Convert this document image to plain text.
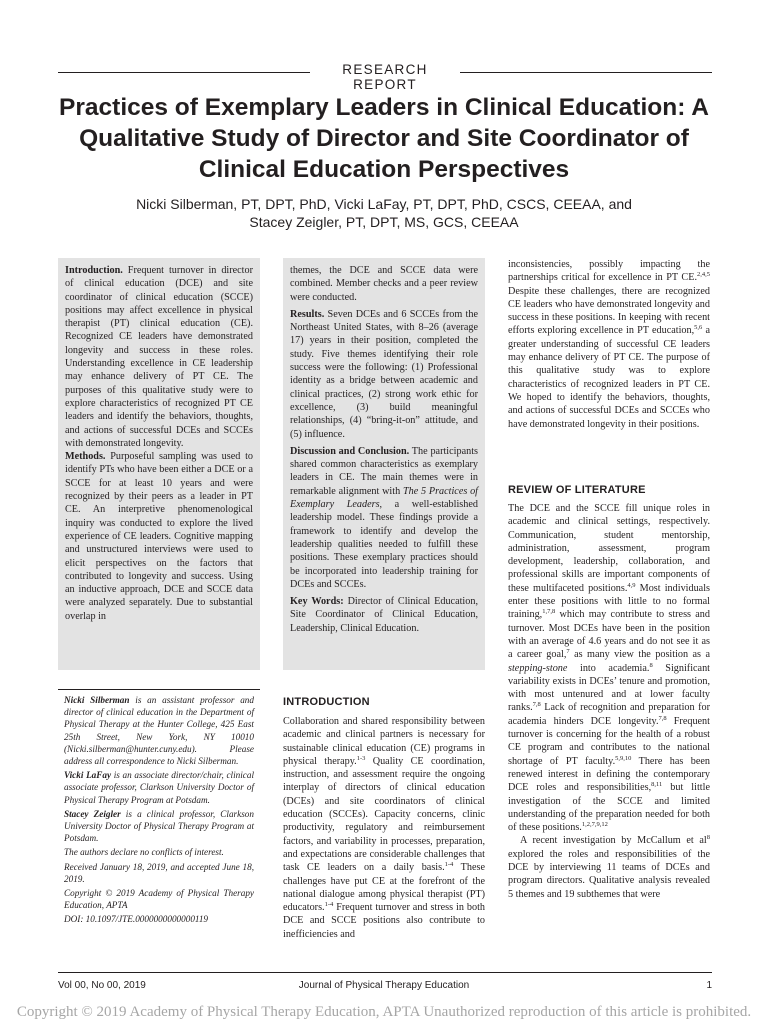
RESEARCH REPORT
Practices of Exemplary Leaders in Clinical Education: A Qualitative Study of Director and Site Coordinator of Clinical Education Perspectives
Nicki Silberman, PT, DPT, PhD, Vicki LaFay, PT, DPT, PhD, CSCS, CEEAA, and
Stacey Zeigler, PT, DPT, MS, GCS, CEEAA

Introduction. Frequent turnover in director of clinical education (DCE) and site coordinator of clinical education (SCCE) positions may affect excellence in physical therapist (PT) clinical education (CE). Recognized CE leaders have demonstrated longevity and success in these roles. Understanding excellence in CE leadership may enhance delivery of PT CE. The purposes of this qualitative study were to explore characteristics of recognized PT CE leaders and identify the behaviors, thoughts, and actions of successful DCEs and SCCEs with demonstrated longevity.

Methods. Purposeful sampling was used to identify PTs who have been either a DCE or a SCCE for at least 10 years and were recognized by their peers as a leader in PT CE. An interpretive phenomenological inquiry was conducted to explore the lived experience of CE leaders. Cognitive mapping and unstructured interviews were used to elicit perspectives on the factors that contributed to longevity and success. Using an inductive approach, DCE and SCCE data were analyzed separately. Due to substantial overlap in

themes, the DCE and SCCE data were combined. Member checks and a peer review were conducted.

Results. Seven DCEs and 6 SCCEs from the Northeast United States, with 8–26 (average 17) years in their position, completed the study. Five themes identifying their role success were the following: (1) Professional identity as a bridge between academic and clinical practices, (2) strong work ethic for excellence, (3) build meaningful relationships, (4) “bring-it-on” attitude, and (5) influence.

Discussion and Conclusion. The participants shared common characteristics as exemplary leaders in CE. The main themes were in remarkable alignment with The 5 Practices of Exemplary Leaders, a well-established leadership model. These findings provide a framework to identify and develop the leadership qualities needed to fulfill these positions. These exemplary practices should be incorporated into leadership training for DCEs and SCCEs.

Key Words: Director of Clinical Education, Site Coordinator of Clinical Education, Leadership, Clinical Education.

Nicki Silberman is an assistant professor and director of clinical education in the Department of Physical Therapy at the Hunter College, 425 East 25th Street, New York, NY 10010 (Nicki.silberman@hunter.cuny.edu). Please address all correspondence to Nicki Silberman.

Vicki LaFay is an associate director/chair, clinical associate professor, Clarkson University Doctor of Physical Therapy Program at Potsdam.

Stacey Zeigler is a clinical professor, Clarkson University Doctor of Physical Therapy Program at Potsdam.

The authors declare no conflicts of interest.

Received January 18, 2019, and accepted June 18, 2019.

Copyright © 2019 Academy of Physical Therapy Education, APTA

DOI: 10.1097/JTE.0000000000000119

INTRODUCTION

Collaboration and shared responsibility between academic and clinical partners is necessary for sustainable clinical education (CE) programs in physical therapy.$^{1-3}$ Quality CE coordination, instruction, and assessment require the ongoing interplay of directors of clinical education (DCEs) and site coordinators of clinical education (SCCEs). Capacity concerns, clinic productivity, regulatory and reimbursement factors, and variability in processes, preparation, and expectations are considerable challenges that task CE leaders on a daily basis.$^{1-4}$ These challenges have put CE at the forefront of the national dialogue among physical therapist (PT) educators.$^{1-4}$ Frequent turnover and stress in both DCE and SCCE positions also contribute to inefficiencies and

inconsistencies, possibly impacting the partnerships critical for excellence in PT CE.$^{2,4,5}$ Despite these challenges, there are recognized CE leaders who have demonstrated longevity and success in these positions. In keeping with recent efforts exploring excellence in PT education,$^{5,6}$ a greater understanding of successful CE leaders may enhance delivery of PT CE. The purpose of this qualitative study was to explore characteristics of recognized leaders in PT CE. We hoped to identify the behaviors, thoughts, and actions of successful DCEs and SCCEs who have demonstrated longevity in their positions.

REVIEW OF LITERATURE

The DCE and the SCCE fill unique roles in academic and clinical settings, respectively. Communication, student mentorship, administration, assessment, program development, leadership, collaboration, and professional skills are important components of these multifaceted positions.$^{4,9}$ Most individuals enter these positions with little to no formal training,$^{1,7,8}$ which may contribute to stress and turnover. Most DCEs have been in the position with an average of 4.6 years and do not see it as a career goal,$^7$ as many view the position as a stepping-stone into academia.$^8$ Significant variability exists in DCEs’ tenure and promotion, with most untenured and at lower faculty ranks.$^{7,8}$ Lack of recognition and preparation for academia hinders DCE longevity.$^{7,8}$ Frequent turnover is concerning for the health of a robust CE program and contributes to the national shortage of PT faculty.$^{5,9,10}$ There has been renewed interest in defining the contemporary DCE roles and responsibilities,$^{8,11}$ but little investigation of the SCCE and limited understanding of the preparation needed for both of these positions.$^{1,2,7,9,12}$

A recent investigation by McCallum et $al^8$ explored the roles and responsibilities of the DCE by interviewing 11 teams of DCEs and program directors. Qualitative analysis revealed 5 themes and 19 subthemes that were

Vol 00, No 00, 2019	Journal of Physical Therapy Education	1
Copyright © 2019 Academy of Physical Therapy Education, APTA Unauthorized reproduction of this article is prohibited.
